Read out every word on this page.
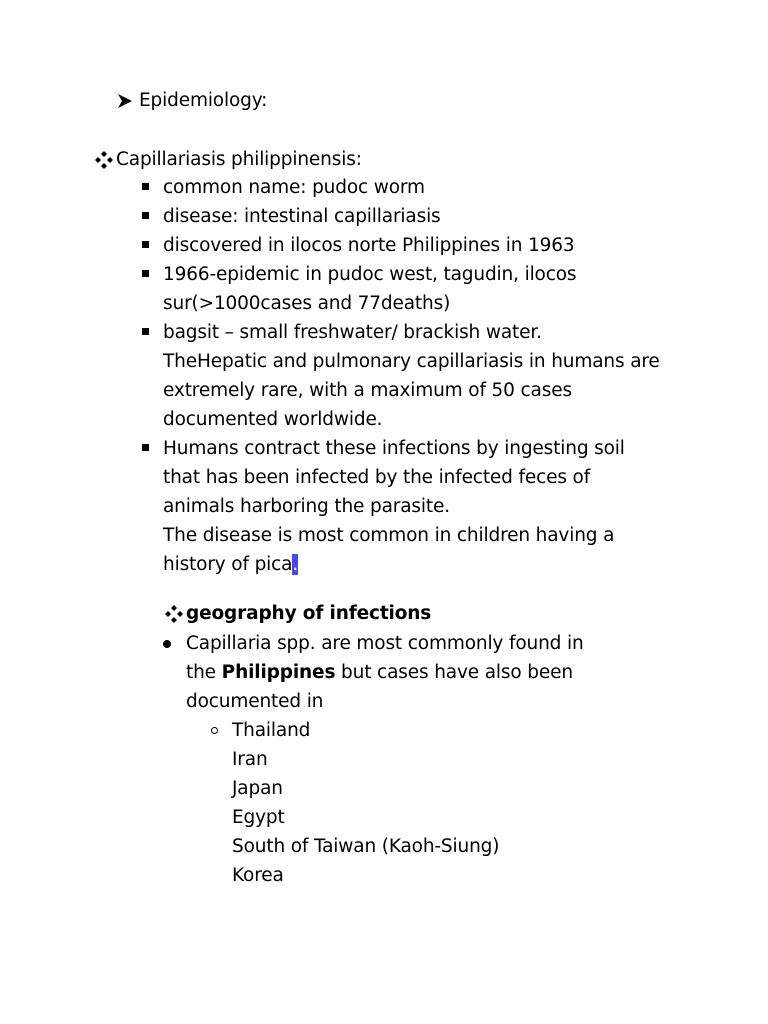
Epidemiology:
Capillariasis philippinensis:
common name: pudoc worm
disease: intestinal capillariasis
discovered in ilocos norte Philippines in 1963
1966-epidemic in pudoc west, tagudin, ilocos
sur(>1000cases and 77deaths)
bagsit – small freshwater/ brackish water.
TheHepatic and pulmonary capillariasis in humans are
extremely rare, with a maximum of 50 cases
documented worldwide.
Humans contract these infections by ingesting soil
that has been infected by the infected feces of
animals harboring the parasite.
The disease is most common in children having a
history of pica.
geography of infections
Capillaria spp. are most commonly found in
the Philippines but cases have also been
documented in
Thailand
Iran
Japan
Egypt
South of Taiwan (Kaoh-Siung)
Korea
